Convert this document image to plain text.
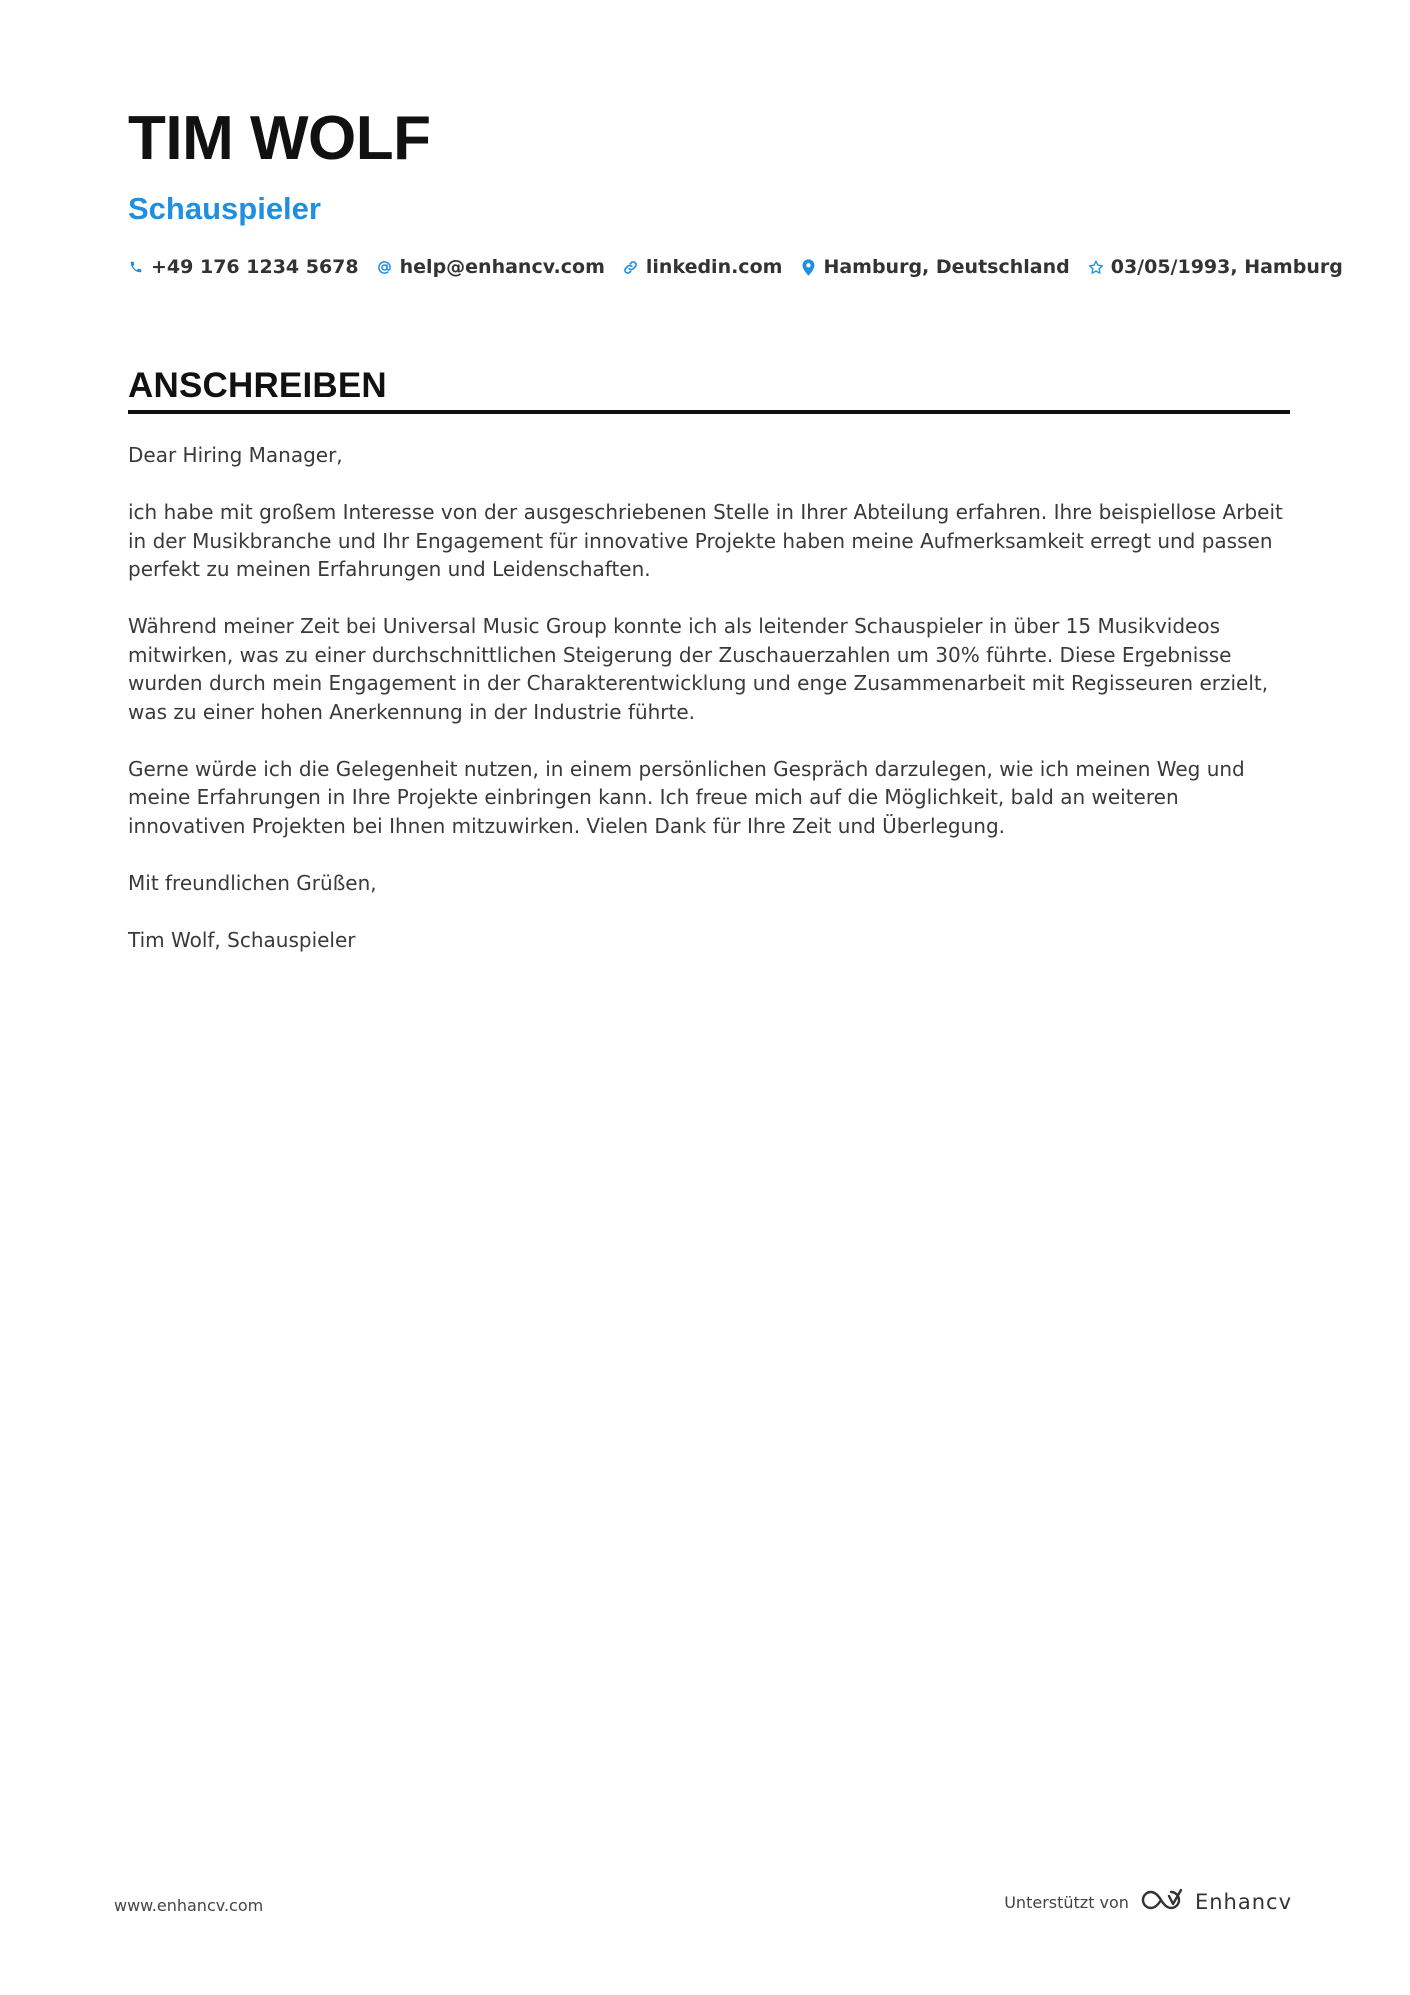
TIM WOLF
Schauspieler
+49 176 1234 5678 help@enhancv.com linkedin.com Hamburg, Deutschland 03/05/1993, Hamburg
ANSCHREIBEN

Dear Hiring Manager,

ich habe mit großem Interesse von der ausgeschriebenen Stelle in Ihrer Abteilung erfahren. Ihre beispiellose Arbeit in der Musikbranche und Ihr Engagement für innovative Projekte haben meine Aufmerksamkeit erregt und passen perfekt zu meinen Erfahrungen und Leidenschaften.

Während meiner Zeit bei Universal Music Group konnte ich als leitender Schauspieler in über 15 Musikvideos mitwirken, was zu einer durchschnittlichen Steigerung der Zuschauerzahlen um 30% führte. Diese Ergebnisse wurden durch mein Engagement in der Charakterentwicklung und enge Zusammenarbeit mit Regisseuren erzielt, was zu einer hohen Anerkennung in der Industrie führte.

Gerne würde ich die Gelegenheit nutzen, in einem persönlichen Gespräch darzulegen, wie ich meinen Weg und meine Erfahrungen in Ihre Projekte einbringen kann. Ich freue mich auf die Möglichkeit, bald an weiteren innovativen Projekten bei Ihnen mitzuwirken. Vielen Dank für Ihre Zeit und Überlegung.

Mit freundlichen Grüßen,

Tim Wolf, Schauspieler

www.enhancv.com	Unterstützt von	Enhancv
